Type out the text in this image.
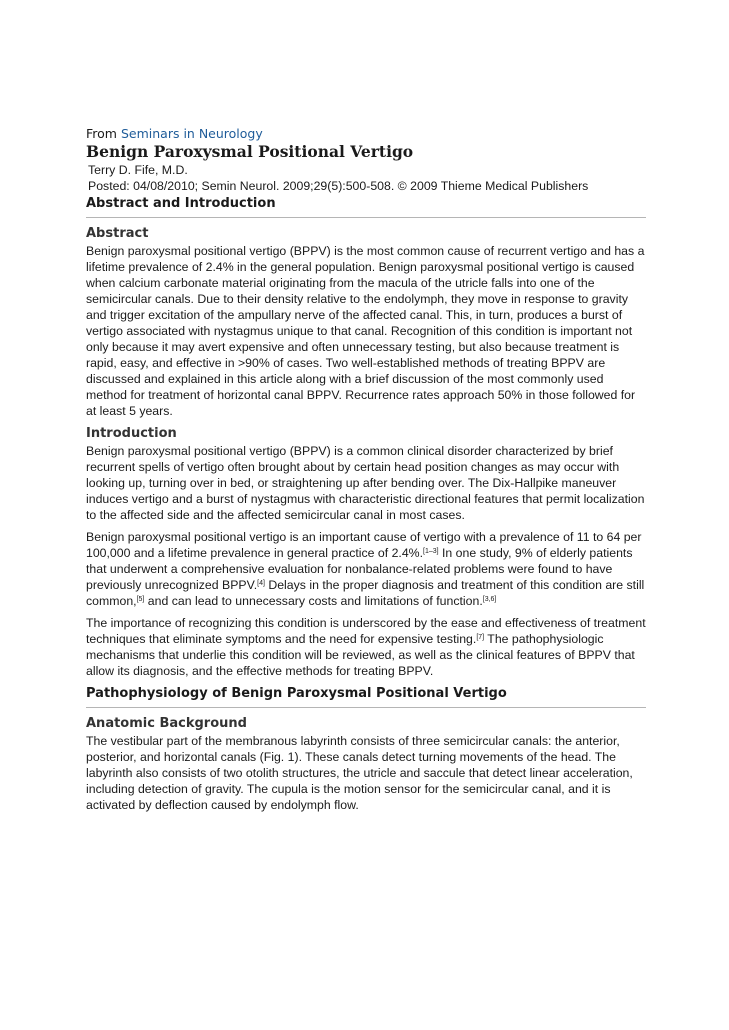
From Seminars in Neurology

Benign Paroxysmal Positional Vertigo

Terry D. Fife, M.D.

Posted: 04/08/2010; Semin Neurol. 2009;29(5):500-508. © 2009 Thieme Medical Publishers

Abstract and Introduction
Abstract

Benign paroxysmal positional vertigo (BPPV) is the most common cause of recurrent vertigo and has a lifetime prevalence of 2.4% in the general population. Benign paroxysmal positional vertigo is caused when calcium carbonate material originating from the macula of the utricle falls into one of the semicircular canals. Due to their density relative to the endolymph, they move in response to gravity and trigger excitation of the ampullary nerve of the affected canal. This, in turn, produces a burst of vertigo associated with nystagmus unique to that canal. Recognition of this condition is important not only because it may avert expensive and often unnecessary testing, but also because treatment is rapid, easy, and effective in >90% of cases. Two well-established methods of treating BPPV are discussed and explained in this article along with a brief discussion of the most commonly used method for treatment of horizontal canal BPPV. Recurrence rates approach 50% in those followed for at least 5 years.

Introduction

Benign paroxysmal positional vertigo (BPPV) is a common clinical disorder characterized by brief recurrent spells of vertigo often brought about by certain head position changes as may occur with looking up, turning over in bed, or straightening up after bending over. The Dix-Hallpike maneuver induces vertigo and a burst of nystagmus with characteristic directional features that permit localization to the affected side and the affected semicircular canal in most cases.

Benign paroxysmal positional vertigo is an important cause of vertigo with a prevalence of 11 to 64 per 100,000 and a lifetime prevalence in general practice of 2.4%.[1–3] In one study, 9% of elderly patients that underwent a comprehensive evaluation for nonbalance-related problems were found to have previously unrecognized BPPV.[4] Delays in the proper diagnosis and treatment of this condition are still common,[5] and can lead to unnecessary costs and limitations of function.[3,6]

The importance of recognizing this condition is underscored by the ease and effectiveness of treatment techniques that eliminate symptoms and the need for expensive testing.[7] The pathophysiologic mechanisms that underlie this condition will be reviewed, as well as the clinical features of BPPV that allow its diagnosis, and the effective methods for treating BPPV.

Pathophysiology of Benign Paroxysmal Positional Vertigo
Anatomic Background

The vestibular part of the membranous labyrinth consists of three semicircular canals: the anterior, posterior, and horizontal canals (Fig. 1). These canals detect turning movements of the head. The labyrinth also consists of two otolith structures, the utricle and saccule that detect linear acceleration, including detection of gravity. The cupula is the motion sensor for the semicircular canal, and it is activated by deflection caused by endolymph flow.
